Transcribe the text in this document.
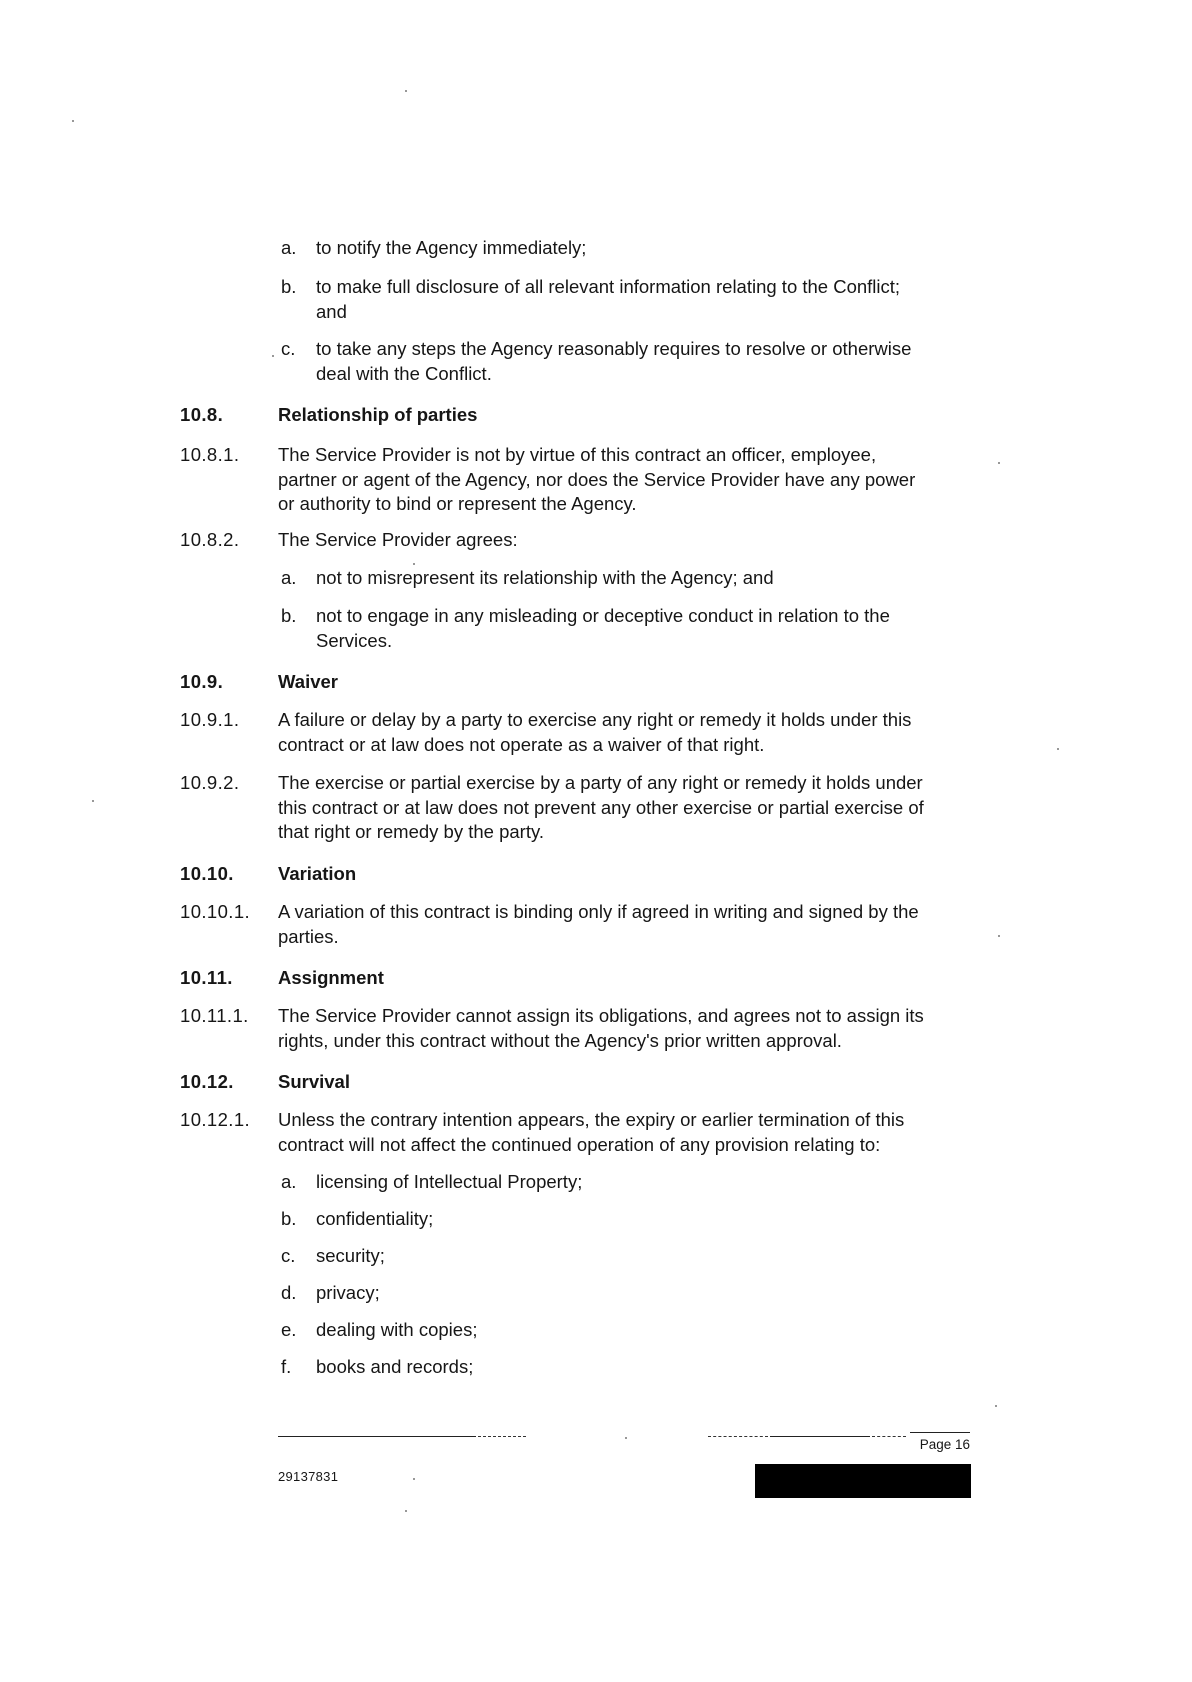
a. to notify the Agency immediately;
b. to make full disclosure of all relevant information relating to the Conflict;
and
c. to take any steps the Agency reasonably requires to resolve or otherwise
deal with the Conflict.
10.8.	Relationship of parties
10.8.1. The Service Provider is not by virtue of this contract an officer, employee,
partner or agent of the Agency, nor does the Service Provider have any power
or authority to bind or represent the Agency.
10.8.2. The Service Provider agrees:
a. not to misrepresent its relationship with the Agency; and
b. not to engage in any misleading or deceptive conduct in relation to the
Services.
10.9.	Waiver
10.9.1. A failure or delay by a party to exercise any right or remedy it holds under this
contract or at law does not operate as a waiver of that right.
10.9.2. The exercise or partial exercise by a party of any right or remedy it holds under
this contract or at law does not prevent any other exercise or partial exercise of
that right or remedy by the party.
10.10. Variation
10.10.1. A variation of this contract is binding only if agreed in writing and signed by the
parties.
10.11. Assignment
10.11.1. The Service Provider cannot assign its obligations, and agrees not to assign its
rights, under this contract without the Agency's prior written approval.
10.12. Survival
10.12.1. Unless the contrary intention appears, the expiry or earlier termination of this
contract will not affect the continued operation of any provision relating to:
a. licensing of Intellectual Property;
b. confidentiality;
c. security;
d. privacy;
e. dealing with copies;
f. books and records;
Page 16
29137831
